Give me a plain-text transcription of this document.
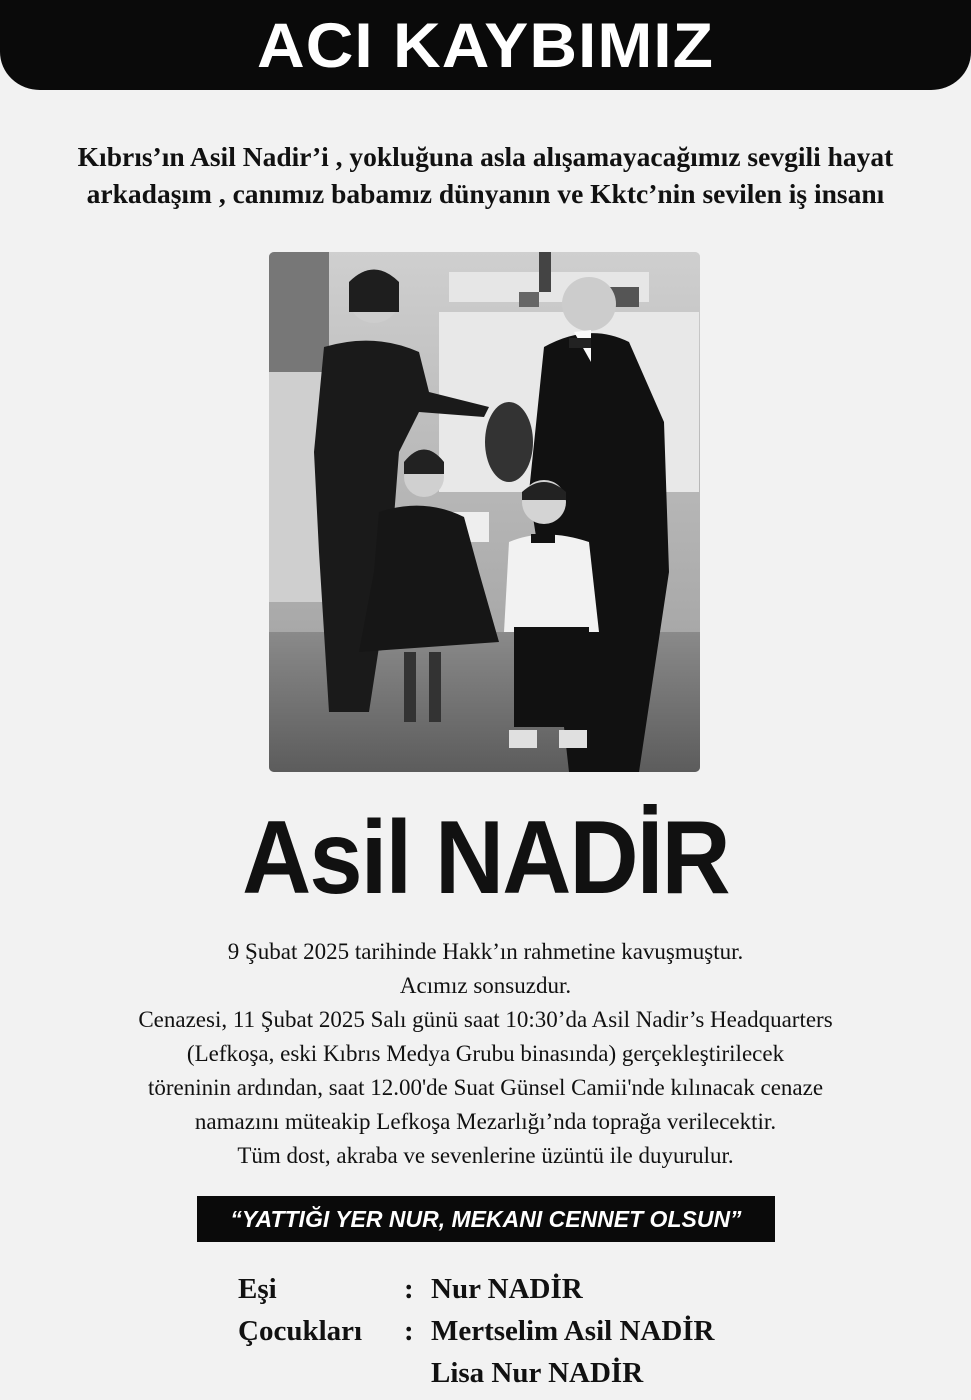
ACI KAYBIMIZ
Kıbrıs’ın Asil Nadir’i , yokluğuna asla alışamayacağımız sevgili hayat
arkadaşım , canımız babamız dünyanın ve Kktc’nin sevilen iş insanı
Asil NADİR
9 Şubat 2025 tarihinde Hakk’ın rahmetine kavuşmuştur.
Acımız sonsuzdur.
Cenazesi, 11 Şubat 2025 Salı günü saat 10:30’da Asil Nadir’s Headquarters
(Lefkoşa, eski Kıbrıs Medya Grubu binasında) gerçekleştirilecek
töreninin ardından, saat 12.00'de Suat Günsel Camii'nde kılınacak cenaze
namazını müteakip Lefkoşa Mezarlığı’nda toprağa verilecektir.
Tüm dost, akraba ve sevenlerine üzüntü ile duyurulur.
“YATTIĞI YER NUR, MEKANI CENNET OLSUN”
Eşi	: Nur NADİR
Çocukları	: Mertselim Asil NADİR
Lisa Nur NADİR
